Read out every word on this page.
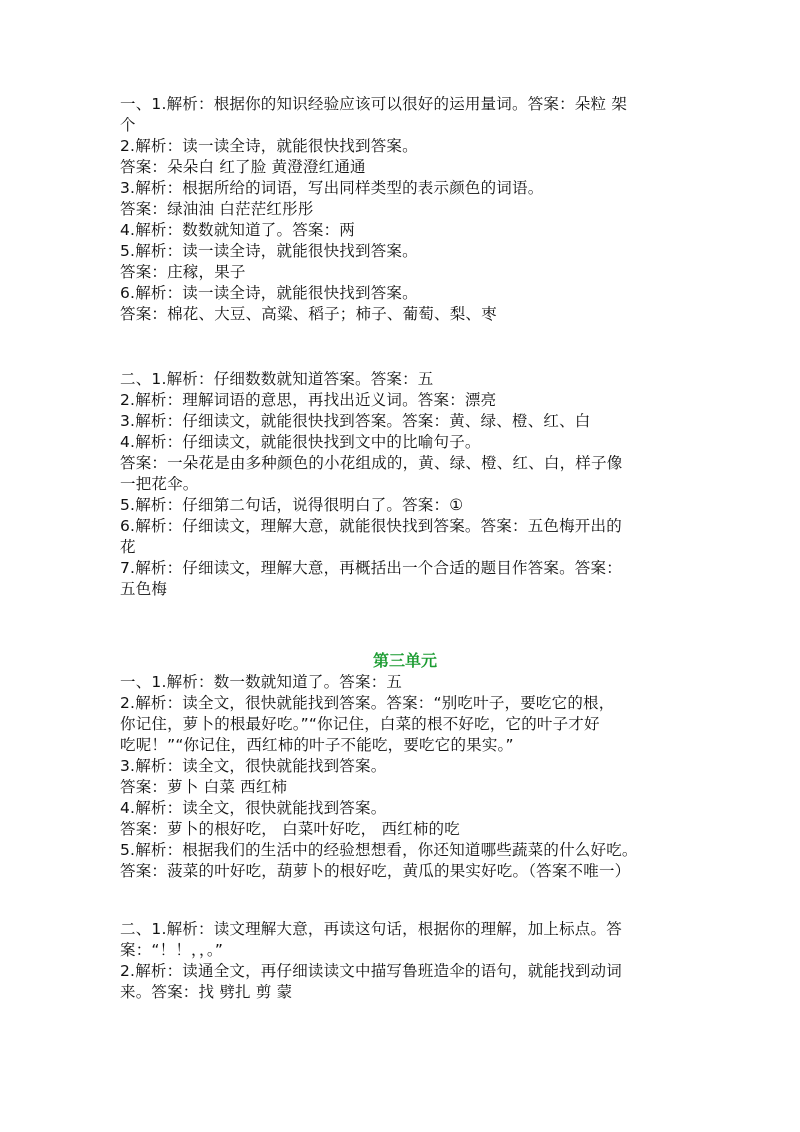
一、1.解析：根据你的知识经验应该可以很好的运用量词。答案：朵粒 架
个
2.解析：读一读全诗，就能很快找到答案。
答案：朵朵白 红了脸 黄澄澄红通通
3.解析：根据所给的词语，写出同样类型的表示颜色的词语。
答案：绿油油 白茫茫红彤彤
4.解析：数数就知道了。答案：两
5.解析：读一读全诗，就能很快找到答案。
答案：庄稼，果子
6.解析：读一读全诗，就能很快找到答案。
答案：棉花、大豆、高粱、稻子；柿子、葡萄、梨、枣
二、1.解析：仔细数数就知道答案。答案：五
2.解析：理解词语的意思，再找出近义词。答案：漂亮
3.解析：仔细读文，就能很快找到答案。答案：黄、绿、橙、红、白
4.解析：仔细读文，就能很快找到文中的比喻句子。
答案：一朵花是由多种颜色的小花组成的，黄、绿、橙、红、白，样子像
一把花伞。
5.解析：仔细第二句话，说得很明白了。答案：①
6.解析：仔细读文，理解大意，就能很快找到答案。答案：五色梅开出的
花
7.解析：仔细读文，理解大意，再概括出一个合适的题目作答案。答案：
五色梅
第三单元
一、1.解析：数一数就知道了。答案：五
2.解析：读全文，很快就能找到答案。答案：“别吃叶子，要吃它的根，
你记住，萝卜的根最好吃。”“你记住，白菜的根不好吃，它的叶子才好
吃呢！”“你记住，西红柿的叶子不能吃，要吃它的果实。”
3.解析：读全文，很快就能找到答案。
答案：萝卜 白菜 西红柿
4.解析：读全文，很快就能找到答案。
答案：萝卜的根好吃， 白菜叶好吃， 西红柿的吃
5.解析：根据我们的生活中的经验想想看，你还知道哪些蔬菜的什么好吃。
答案：菠菜的叶好吃，葫萝卜的根好吃，黄瓜的果实好吃。（答案不唯一）
二、1.解析：读文理解大意，再读这句话，根据你的理解，加上标点。答
案：“！！，，。”
2.解析：读通全文，再仔细读读文中描写鲁班造伞的语句，就能找到动词
来。答案：找 劈扎 剪 蒙
